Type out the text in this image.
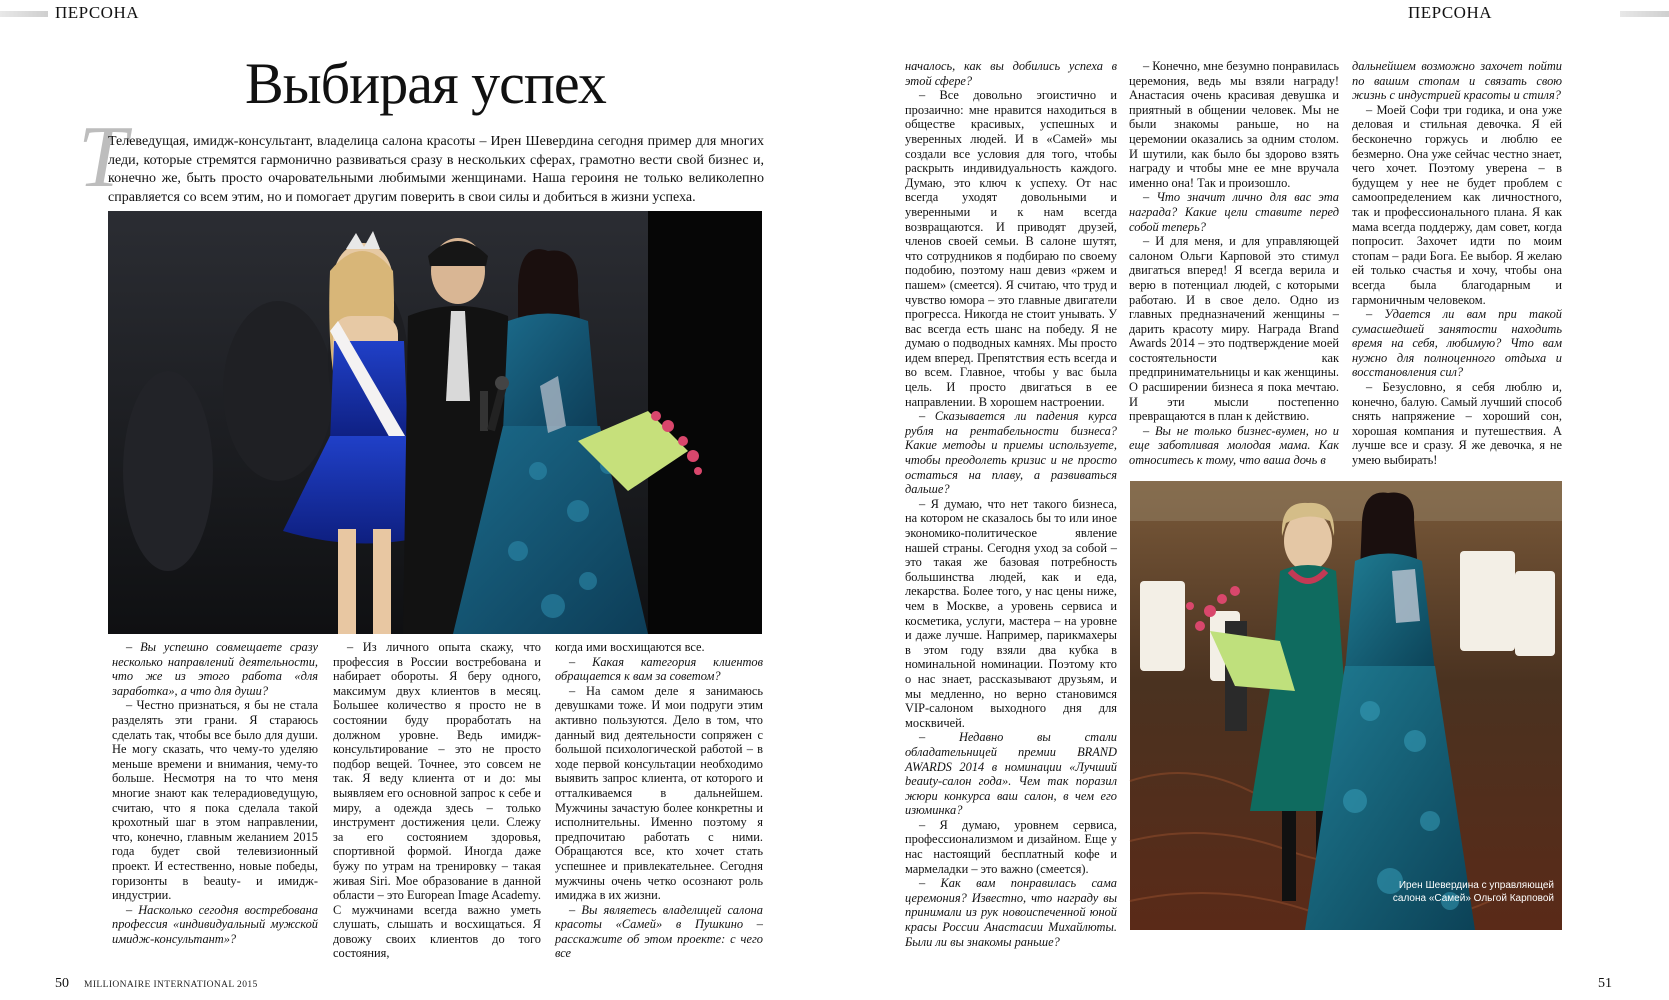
ПЕРСОНА	ПЕРСОНА
Выбирая успех
Т
Телеведущая, имидж-консультант, владелица салона красоты – Ирен Шевердина сегодня пример для многих леди, которые стремятся гармонично развиваться сразу в нескольких сферах, грамотно вести свой бизнес и, конечно же, быть просто очаровательными любимыми женщинами. Наша героиня не только великолепно справляется со всем этим, но и помогает другим поверить в свои силы и добиться в жизни успеха.

– Вы успешно совмещаете сразу несколько направлений деятельности, что же из этого работа «для заработка», а что для души?

– Честно признаться, я бы не стала разделять эти грани. Я стараюсь сделать так, чтобы все было для души. Не могу сказать, что чему-то уделяю меньше времени и внимания, чему-то больше. Несмотря на то что меня многие знают как телерадиоведущую, считаю, что я пока сделала такой крохотный шаг в этом направлении, что, конечно, главным желанием 2015 года будет свой телевизионный проект. И естественно, новые победы, горизонты в beauty- и имидж-индустрии.

– Насколько сегодня востребована профессия «индивидуальный мужской имидж-консультант»?

– Из личного опыта скажу, что профессия в России востребована и набирает обороты. Я беру одного, максимум двух клиентов в месяц. Большее количество я просто не в состоянии буду проработать на должном уровне. Ведь имидж-консультирование – это не просто подбор вещей. Точнее, это совсем не так. Я веду клиента от и до: мы выявляем его основной запрос к себе и миру, а одежда здесь – только инструмент достижения цели. Слежу за его состоянием здоровья, спортивной формой. Иногда даже бужу по утрам на тренировку – такая живая Siri. Мое образование в данной области – это European Image Academy. С мужчинами всегда важно уметь слушать, слышать и восхищаться. Я довожу своих клиентов до того состояния,

когда ими восхищаются все.

– Какая категория клиентов обращается к вам за советом?

– На самом деле я занимаюсь девушками тоже. И мои подруги этим активно пользуются. Дело в том, что данный вид деятельности сопряжен с большой психологической работой – в ходе первой консультации необходимо выявить запрос клиента, от которого и отталкиваемся в дальнейшем. Мужчины зачастую более конкретны и исполнительны. Именно поэтому я предпочитаю работать с ними. Обращаются все, кто хочет стать успешнее и привлекательнее. Сегодня мужчины очень четко осознают роль имиджа в их жизни.

– Вы являетесь владелицей салона красоты «Самей» в Пушкино – расскажите об этом проекте: с чего все

началось, как вы добились успеха в этой сфере?

– Все довольно эгоистично и прозаично: мне нравится находиться в обществе красивых, успешных и уверенных людей. И в «Самей» мы создали все условия для того, чтобы раскрыть индивидуальность каждого. Думаю, это ключ к успеху. От нас всегда уходят довольными и уверенными и к нам всегда возвращаются. И приводят друзей, членов своей семьи. В салоне шутят, что сотрудников я подбираю по своему подобию, поэтому наш девиз «ржем и пашем» (смеется). Я считаю, что труд и чувство юмора – это главные двигатели прогресса. Никогда не стоит унывать. У вас всегда есть шанс на победу. Я не думаю о подводных камнях. Мы просто идем вперед. Препятствия есть всегда и во всем. Главное, чтобы у вас была цель. И просто двигаться в ее направлении. В хорошем настроении.

– Сказывается ли падения курса рубля на рентабельности бизнеса? Какие методы и приемы используете, чтобы преодолеть кризис и не просто остаться на плаву, а развиваться дальше?

– Я думаю, что нет такого бизнеса, на котором не сказалось бы то или иное экономико-политическое явление нашей страны. Сегодня уход за собой – это такая же базовая потребность большинства людей, как и еда, лекарства. Более того, у нас цены ниже, чем в Москве, а уровень сервиса и косметика, услуги, мастера – на уровне и даже лучше. Например, парикмахеры в этом году взяли два кубка в номинальной номинации. Поэтому кто о нас знает, рассказывают друзьям, и мы медленно, но верно становимся VIP-салоном выходного дня для москвичей.

– Недавно вы стали обладательницей премии BRAND AWARDS 2014 в номинации «Лучший beauty-салон года». Чем так поразил жюри конкурса ваш салон, в чем его изюминка?

– Я думаю, уровнем сервиса, профессионализмом и дизайном. Еще у нас настоящий бесплатный кофе и мармеладки – это важно (смеется).

– Как вам понравилась сама церемония? Известно, что награду вы принимали из рук новоиспеченной юной красы России Анастасии Михайлюты. Были ли вы знакомы раньше?

– Конечно, мне безумно понравилась церемония, ведь мы взяли награду! Анастасия очень красивая девушка и приятный в общении человек. Мы не были знакомы раньше, но на церемонии оказались за одним столом. И шутили, как было бы здорово взять награду и чтобы мне ее мне вручала именно она! Так и произошло.

– Что значит лично для вас эта награда? Какие цели ставите перед собой теперь?

– И для меня, и для управляющей салоном Ольги Карповой это стимул двигаться вперед! Я всегда верила и верю в потенциал людей, с которыми работаю. И в свое дело. Одно из главных предназначений женщины – дарить красоту миру. Награда Brand Awards 2014 – это подтверждение моей состоятельности как предпринимательницы и как женщины. О расширении бизнеса я пока мечтаю. И эти мысли постепенно превращаются в план к действию.

– Вы не только бизнес-вумен, но и еще заботливая молодая мама. Как относитесь к тому, что ваша дочь в

дальнейшем возможно захочет пойти по вашим стопам и связать свою жизнь с индустрией красоты и стиля?

– Моей Софи три годика, и она уже деловая и стильная девочка. Я ей бесконечно горжусь и люблю ее безмерно. Она уже сейчас честно знает, чего хочет. Поэтому уверена – в будущем у нее не будет проблем с самоопределением как личностного, так и профессионального плана. Я как мама всегда поддержу, дам совет, когда попросит. Захочет идти по моим стопам – ради Бога. Ее выбор. Я желаю ей только счастья и хочу, чтобы она всегда была благодарным и гармоничным человеком.

– Удается ли вам при такой сумасшедшей занятости находить время на себя, любимую? Что вам нужно для полноценного отдыха и восстановления сил?

– Безусловно, я себя люблю и, конечно, балую. Самый лучший способ снять напряжение – хороший сон, хорошая компания и путешествия. А лучше все и сразу. Я же девочка, я не умею выбирать!

Ирен Шевердина с управляющей
салона «Самей» Ольгой Карповой
50 MILLIONAIRE INTERNATIONAL 2015	51
